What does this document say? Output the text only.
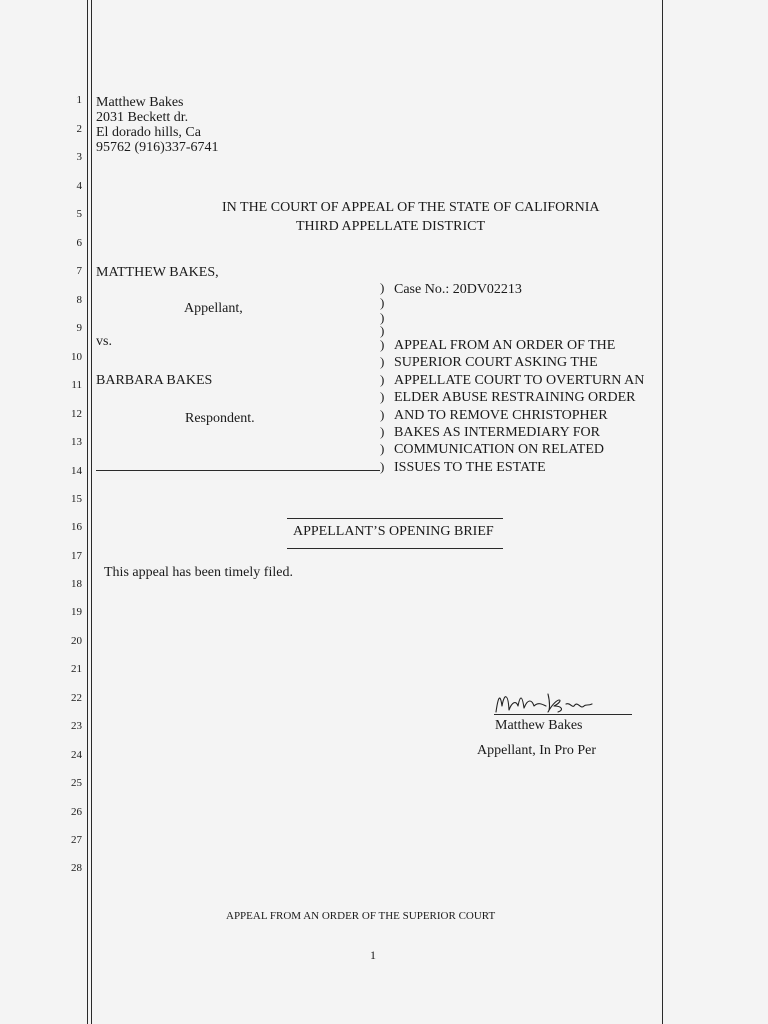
1
2
3
4
5
6
7
8
9
10
11
12
13
14
15
16
17
18
19
20
21
22
23
24
25
26
27
28
Matthew Bakes
2031 Beckett dr.
El dorado hills, Ca
95762 (916)337-6741
IN THE COURT OF APPEAL OF THE STATE OF CALIFORNIA
THIRD APPELLATE DISTRICT
MATTHEW BAKES,
Appellant,
vs.
BARBARA BAKES
Respondent.
)
)
)
)
)
)
)
)
)
)
)
)
Case No.: 20DV02213
APPEAL FROM AN ORDER OF THE
SUPERIOR COURT ASKING THE
APPELLATE COURT TO OVERTURN AN
ELDER ABUSE RESTRAINING ORDER
AND TO REMOVE CHRISTOPHER
BAKES AS INTERMEDIARY FOR
COMMUNICATION ON RELATED
ISSUES TO THE ESTATE
APPELLANT’S OPENING BRIEF
This appeal has been timely filed.
Matthew Bakes
Appellant, In Pro Per
APPEAL FROM AN ORDER OF THE SUPERIOR COURT
1
